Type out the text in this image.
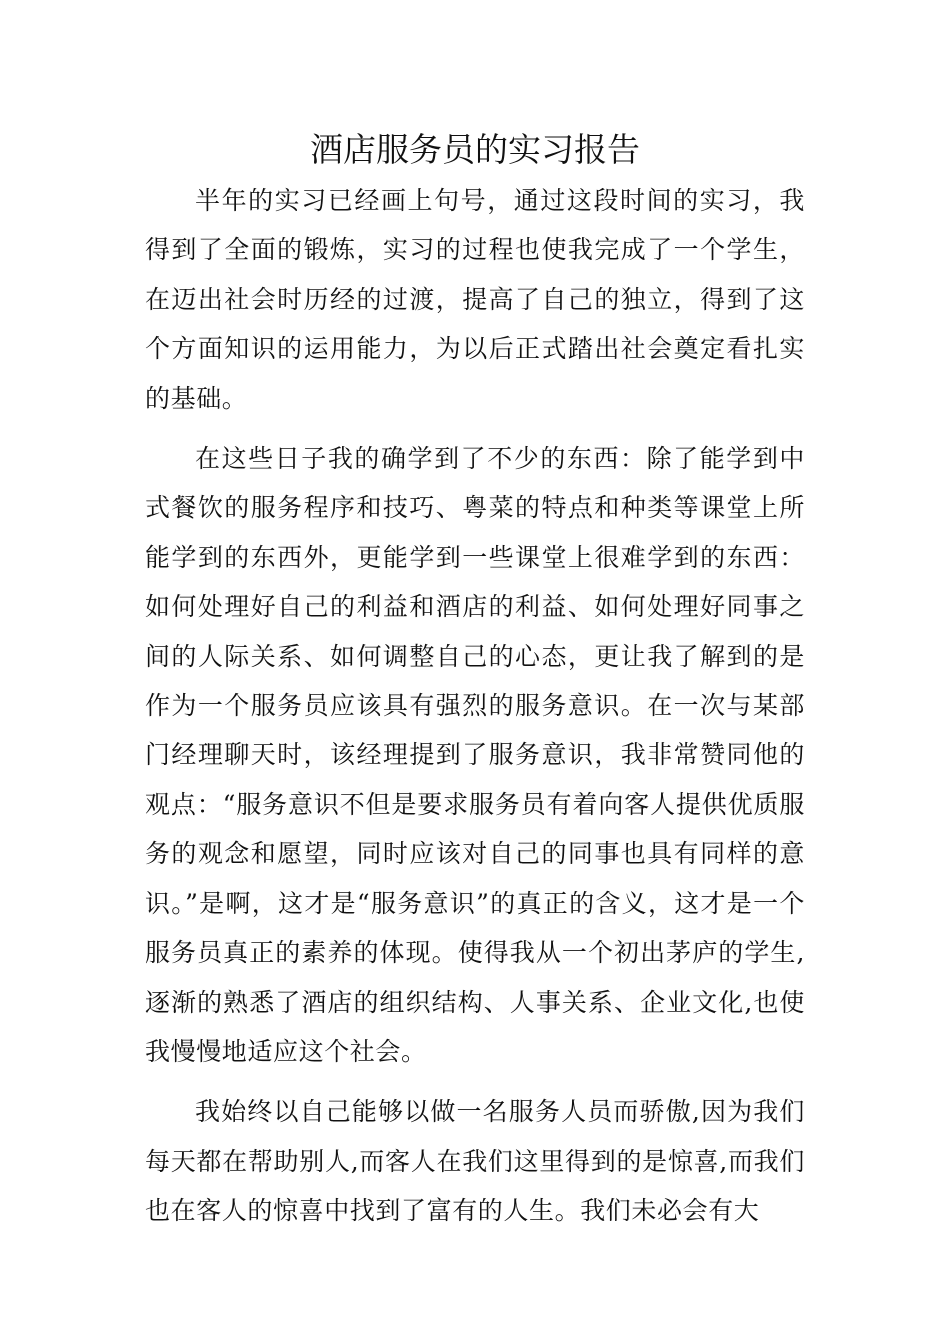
酒店服务员的实习报告

半年的实习已经画上句号，通过这段时间的实习，我得到了全面的锻炼，实习的过程也使我完成了一个学生，在迈出社会时历经的过渡，提高了自己的独立，得到了这个方面知识的运用能力，为以后正式踏出社会奠定看扎实的基础。

在这些日子我的确学到了不少的东西：除了能学到中式餐饮的服务程序和技巧、粤菜的特点和种类等课堂上所能学到的东西外，更能学到一些课堂上很难学到的东西：如何处理好自己的利益和酒店的利益、如何处理好同事之间的人际关系、如何调整自己的心态，更让我了解到的是作为一个服务员应该具有强烈的服务意识。在一次与某部门经理聊天时，该经理提到了服务意识，我非常赞同他的观点：“服务意识不但是要求服务员有着向客人提供优质服务的观念和愿望，同时应该对自己的同事也具有同样的意识。”是啊，这才是“服务意识”的真正的含义，这才是一个服务员真正的素养的体现。使得我从一个初出茅庐的学生,逐渐的熟悉了酒店的组织结构、人事关系、企业文化,也使我慢慢地适应这个社会。

我始终以自己能够以做一名服务人员而骄傲,因为我们每天都在帮助别人,而客人在我们这里得到的是惊喜,而我们也在客人的惊喜中找到了富有的人生。我们未必会有大
